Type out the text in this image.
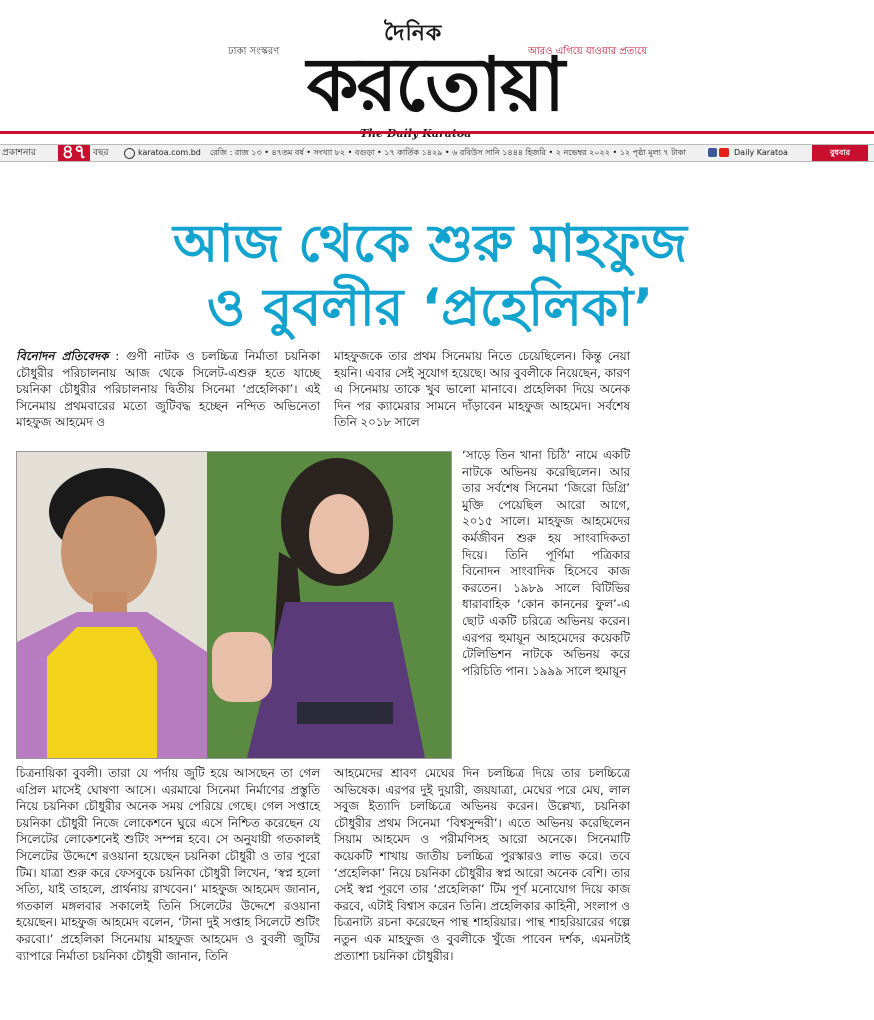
ঢাকা সংস্করণ	আরও এগিয়ে যাওয়ার প্রত্যয়ে
দৈনিক
করতোয়া
প্রকাশনার ৪৭ বছর	karatoa.com.bd রেজি : রাজ ১৩ • ৪৭তম বর্ষ • সংখ্যা ৮২ • বগুড়া • ১৭ কার্তিক ১৪২৯ • ৬ রবিউস সানি ১৪৪৪ হিজরি • ২ নভেম্বর ২০২২ • ১২ পৃষ্ঠা মূল্য ৭ টাকা	Daily Karatoa	বুধবার
আজ থেকে শুরু মাহফুজ
ও বুবলীর ‘প্রহেলিকা’
বিনোদন প্রতিবেদক : গুণী নাটক ও চলচ্চিত্র নির্মাতা চয়নিকা চৌধুরীর পরিচালনায় আজ থেকে সিলেট-এশুরু হতে যাচ্ছে চয়নিকা চৌধুরীর পরিচালনায় দ্বিতীয় সিনেমা ‘প্রহেলিকা’। এই সিনেমায় প্রথমবারের মতো জুটিবদ্ধ হচ্ছেন নন্দিত অভিনেতা মাহফুজ আহমেদ ও
মাহফুজকে তার প্রথম সিনেমায় নিতে চেয়েছিলেন। কিন্তু নেয়া হয়নি। এবার সেই সুযোগ হয়েছে। আর বুবলীকে নিয়েছেন, কারণ এ সিনেমায় তাকে খুব ভালো মানাবে। প্রহেলিকা দিয়ে অনেক দিন পর ক্যামেরার সামনে দাঁড়াবেন মাহফুজ আহমেদ। সর্বশেষ তিনি ২০১৮ সালে
‘সাড়ে তিন খানা চিঠি’ নামে একটি নাটকে অভিনয় করেছিলেন। আর তার সর্বশেষ সিনেমা ‘জিরো ডিগ্রি’ মুক্তি পেয়েছিল আরো আগে, ২০১৫ সালে। মাহফুজ আহমেদের কর্মজীবন শুরু হয় সাংবাদিকতা দিয়ে। তিনি পূর্ণিমা পত্রিকার বিনোদন সাংবাদিক হিসেবে কাজ করতেন। ১৯৮৯ সালে বিটিভির ধারাবাহিক ‘কোন কাননের ফুল’-এ ছোট একটি চরিত্রে অভিনয় করেন। এরপর হুমায়ূন আহমেদের কয়েকটি টেলিভিশন নাটকে অভিনয় করে পরিচিতি পান। ১৯৯৯ সালে হুমায়ূন
চিত্রনায়িকা বুবলী। তারা যে পর্দায় জুটি হয়ে আসছেন তা গেল এপ্রিল মাসেই ঘোষণা আসে। এরমাঝে সিনেমা নির্মাণের প্রস্তুতি নিয়ে চয়নিকা চৌধুরীর অনেক সময় পেরিয়ে গেছে। গেল সপ্তাহে চয়নিকা চৌধুরী নিজে লোকেশনে ঘুরে এসে নিশ্চিত করেছেন যে সিলেটের লোকেশনেই শুটিং সম্পন্ন হবে। সে অনুযায়ী গতকালই সিলেটের উদ্দেশে রওয়ানা হয়েছেন চয়নিকা চৌধুরী ও তার পুরো টিম। যাত্রা শুরু করে ফেসবুকে চয়নিকা চৌধুরী লিখেন, ‘স্বপ্ন হলো সত্যি, যাই তাহলে, প্রার্থনায় রাখবেন।’ মাহফুজ আহমেদ জানান, গতকাল মঙ্গলবার সকালেই তিনি সিলেটের উদ্দেশে রওয়ানা হয়েছেন। মাহফুজ আহমেদ বলেন, ‘টানা দুই সপ্তাহ সিলেটে শুটিং করবো।’ প্রহেলিকা সিনেমায় মাহফুজ আহমেদ ও বুবলী জুটির ব্যাপারে নির্মাতা চয়নিকা চৌধুরী জানান, তিনি
আহমেদের শ্রাবণ মেঘের দিন চলচ্চিত্র দিয়ে তার চলচ্চিত্রে অভিষেক। এরপর দুই দুয়ারী, জয়যাত্রা, মেঘের পরে মেঘ, লাল সবুজ ইত্যাদি চলচ্চিত্রে অভিনয় করেন। উল্লেখ্য, চয়নিকা চৌধুরীর প্রথম সিনেমা ‘বিশ্বসুন্দরী’। এতে অভিনয় করেছিলেন সিয়াম আহমেদ ও পরীমণিসহ আরো অনেকে। সিনেমাটি কয়েকটি শাখায় জাতীয় চলচ্চিত্র পুরস্কারও লাভ করে। তবে ‘প্রহেলিকা’ নিয়ে চয়নিকা চৌধুরীর স্বপ্ন আরো অনেক বেশি। তার সেই স্বপ্ন পূরণে তার ‘প্রহেলিকা’ টিম পূর্ণ মনোযোগ দিয়ে কাজ করবে, এটাই বিশ্বাস করেন তিনি। প্রহেলিকার কাহিনী, সংলাপ ও চিত্রনাট্য রচনা করেছেন পান্থ শাহরিয়ার। পান্থ শাহরিয়ারের গল্পে নতুন এক মাহফুজ ও বুবলীকে খুঁজে পাবেন দর্শক, এমনটাই প্রত্যাশা চয়নিকা চৌধুরীর।
